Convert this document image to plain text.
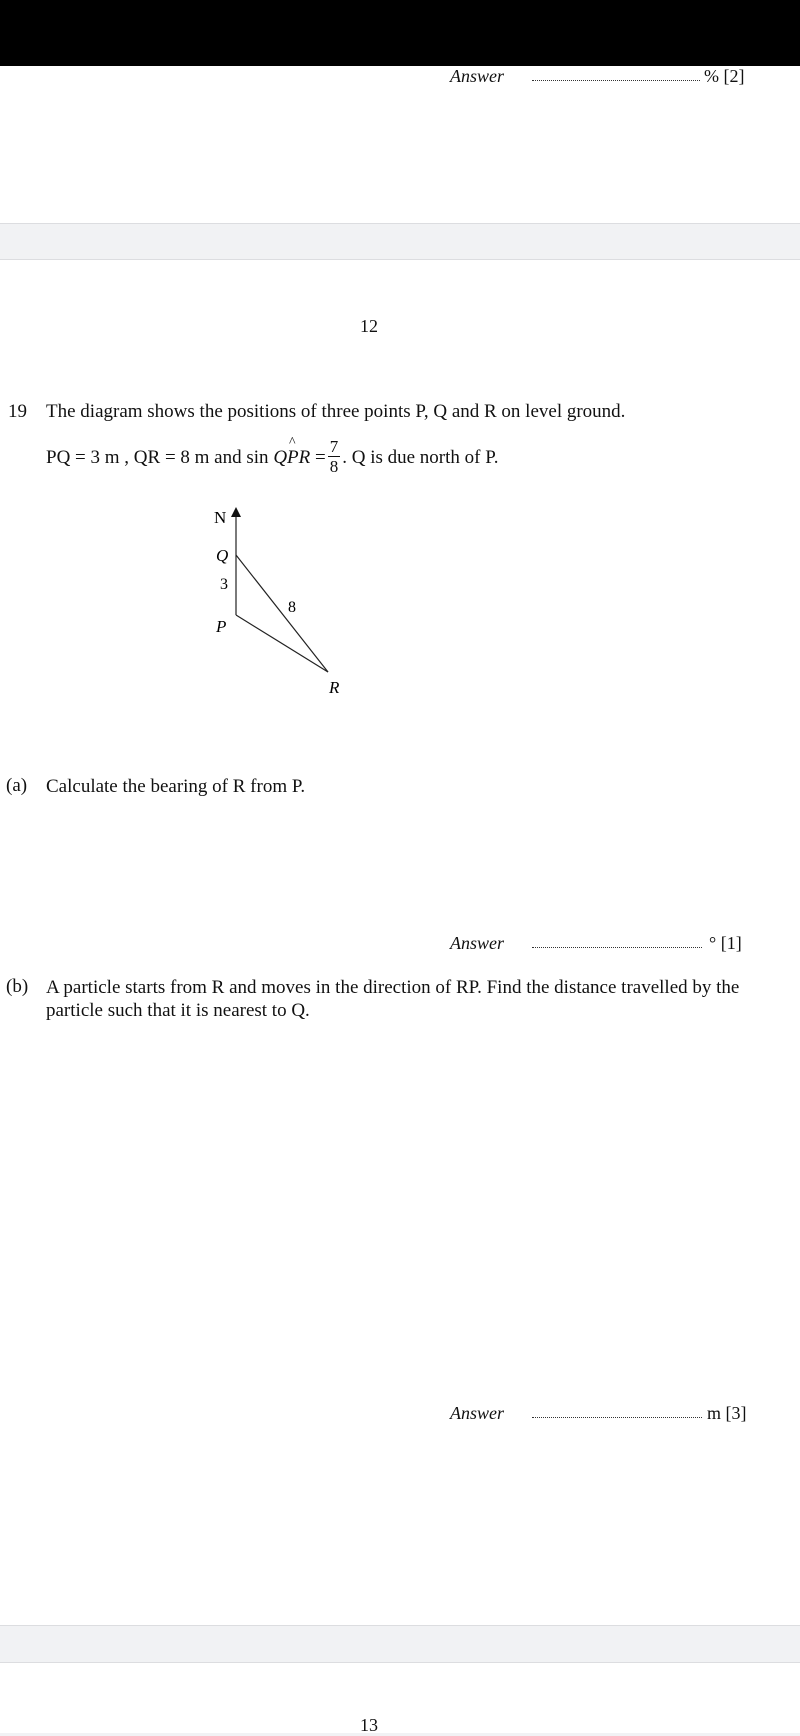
Answer	% [2]
12
19 The diagram shows the positions of three points P, Q and R on level ground.
PQ = 3 m , QR = 8 m and sin Q^ PR = $\frac{7}{8}$ . Q is due north of P.
N
Q
3
8
P
R
(a) Calculate the bearing of R from P.
Answer	° [1]
(b) A particle starts from R and moves in the direction of RP. Find the distance travelled by the particle such that it is nearest to Q.
Answer	m [3]
13
